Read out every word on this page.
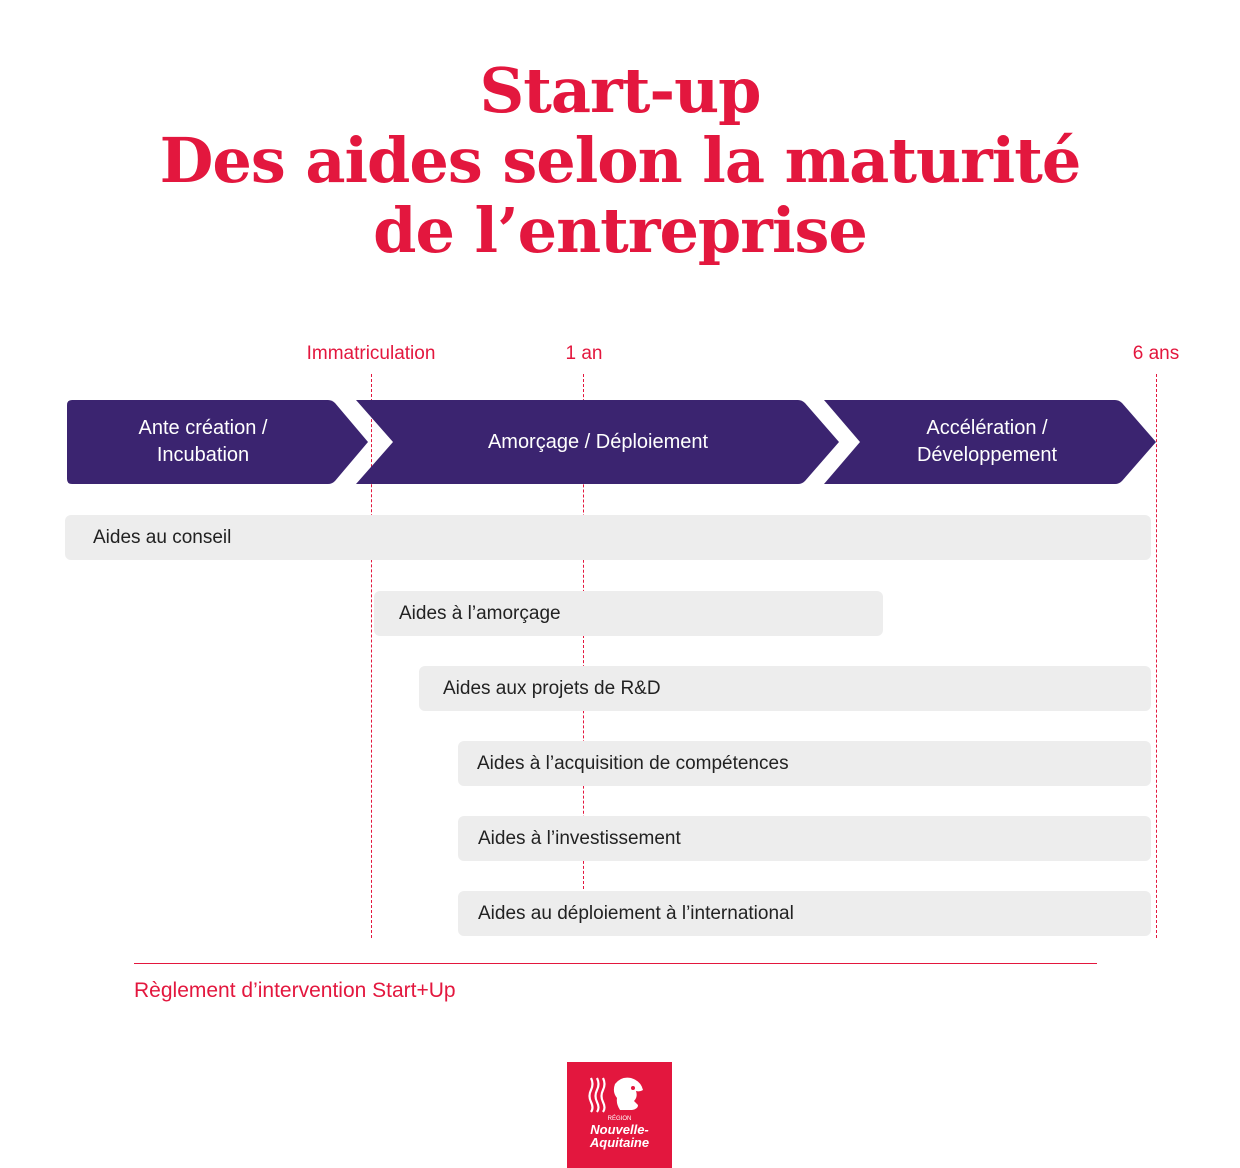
Start-up
Des aides selon la maturité
de l’entreprise
Immatriculation	1 an	6 ans
Ante création / Incubation
Amorçage / Déploiement
Accélération / Développement
Aides au conseil
Aides à l’amorçage
Aides aux projets de R&D
Aides à l’acquisition de compétences
Aides à l’investissement
Aides au déploiement à l’international
Règlement d’intervention Start+Up
RÉGION
Nouvelle-
Aquitaine
